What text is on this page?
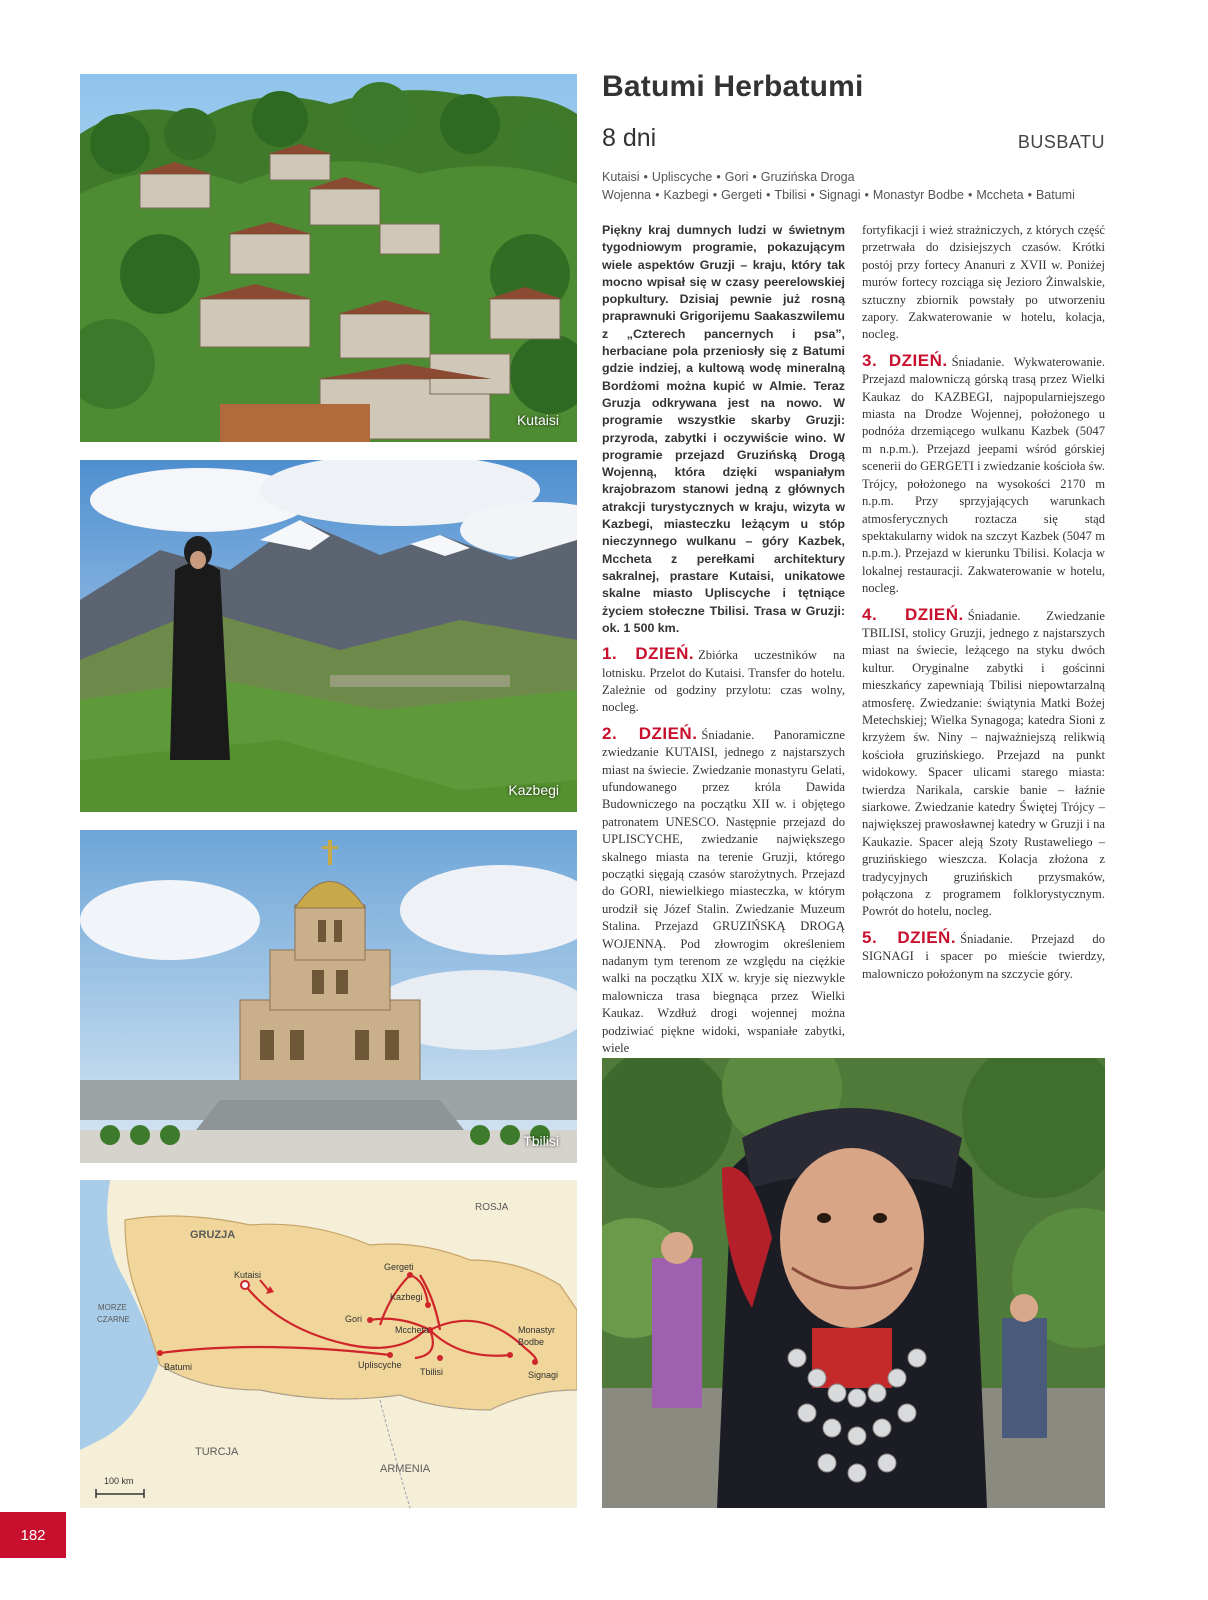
Kutaisi
Kazbegi
Tbilisi
ROSJA
GRUZJA
MORZE
CZARNE
TURCJA
ARMENIA
Kutaisi
Gergeti
Kazbegi
Gori
Mccheta	Monastyr
Bodbe
Batumi	Upliscyche
Tbilisi	Signagi
100 km
Batumi Herbatumi
8 dni	BUSBATU
Kutaisi • Upliscyche • Gori • Gruzińska Droga Wojenna • Kazbegi • Gergeti • Tbilisi • Signagi • Monastyr Bodbe • Mccheta • Batumi

Piękny kraj dumnych ludzi w świetnym tygodniowym programie, pokazującym wiele aspektów Gruzji – kraju, który tak mocno wpisał się w czasy peerelowskiej popkultury. Dzisiaj pewnie już rosną praprawnuki Grigorijemu Saakaszwilemu z „Czterech pancernych i psa”, herbaciane pola przeniosły się z Batumi gdzie indziej, a kultową wodę mineralną Bordżomi można kupić w Almie. Teraz Gruzja odkrywana jest na nowo. W programie wszystkie skarby Gruzji: przyroda, zabytki i oczywiście wino. W programie przejazd Gruzińską Drogą Wojenną, która dzięki wspaniałym krajobrazom stanowi jedną z głównych atrakcji turystycznych w kraju, wizyta w Kazbegi, miasteczku leżącym u stóp nieczynnego wulkanu – góry Kazbek, Mccheta z perełkami architektury sakralnej, prastare Kutaisi, unikatowe skalne miasto Upliscyche i tętniące życiem stołeczne Tbilisi. Trasa w Gruzji: ok. 1 500 km.

1. DZIEŃ. Zbiórka uczestników na lotnisku. Przelot do Kutaisi. Transfer do hotelu. Zależnie od godziny przylotu: czas wolny, nocleg.

2. DZIEŃ. Śniadanie. Panoramiczne zwiedzanie KUTAISI, jednego z najstarszych miast na świecie. Zwiedzanie monastyru Gelati, ufundowanego przez króla Dawida Budowniczego na początku XII w. i objętego patronatem UNESCO. Następnie przejazd do UPLISCYCHE, zwiedzanie największego skalnego miasta na terenie Gruzji, którego początki sięgają czasów starożytnych. Przejazd do GORI, niewielkiego miasteczka, w którym urodził się Józef Stalin. Zwiedzanie Muzeum Stalina. Przejazd GRUZIŃSKĄ DROGĄ WOJENNĄ. Pod złowrogim określeniem nadanym tym terenom ze względu na ciężkie walki na początku XIX w. kryje się niezwykle malownicza trasa biegnąca przez Wielki Kaukaz. Wzdłuż drogi wojennej można podziwiać piękne widoki, wspaniałe zabytki, wiele

fortyfikacji i wież strażniczych, z których część przetrwała do dzisiejszych czasów. Krótki postój przy fortecy Ananuri z XVII w. Poniżej murów fortecy rozciąga się Jezioro Żinwalskie, sztuczny zbiornik powstały po utworzeniu zapory. Zakwaterowanie w hotelu, kolacja, nocleg.

3. DZIEŃ. Śniadanie. Wykwaterowanie. Przejazd malowniczą górską trasą przez Wielki Kaukaz do KAZBEGI, najpopularniejszego miasta na Drodze Wojennej, położonego u podnóża drzemiącego wulkanu Kazbek (5047 m n.p.m.). Przejazd jeepami wśród górskiej scenerii do GERGETI i zwiedzanie kościoła św. Trójcy, położonego na wysokości 2170 m n.p.m. Przy sprzyjających warunkach atmosferycznych roztacza się stąd spektakularny widok na szczyt Kazbek (5047 m n.p.m.). Przejazd w kierunku Tbilisi. Kolacja w lokalnej restauracji. Zakwaterowanie w hotelu, nocleg.

4. DZIEŃ. Śniadanie. Zwiedzanie TBILISI, stolicy Gruzji, jednego z najstarszych miast na świecie, leżącego na styku dwóch kultur. Oryginalne zabytki i gościnni mieszkańcy zapewniają Tbilisi niepowtarzalną atmosferę. Zwiedzanie: świątynia Matki Bożej Metechskiej; Wielka Synagoga; katedra Sioni z krzyżem św. Niny – najważniejszą relikwią kościoła gruzińskiego. Przejazd na punkt widokowy. Spacer ulicami starego miasta: twierdza Narikala, carskie banie – łaźnie siarkowe. Zwiedzanie katedry Świętej Trójcy – największej prawosławnej katedry w Gruzji i na Kaukazie. Spacer aleją Szoty Rustaweliego – gruzińskiego wieszcza. Kolacja złożona z tradycyjnych gruzińskich przysmaków, połączona z programem folklorystycznym. Powrót do hotelu, nocleg.

5. DZIEŃ. Śniadanie. Przejazd do SIGNAGI i spacer po mieście twierdzy, malowniczo położonym na szczycie góry.

182
